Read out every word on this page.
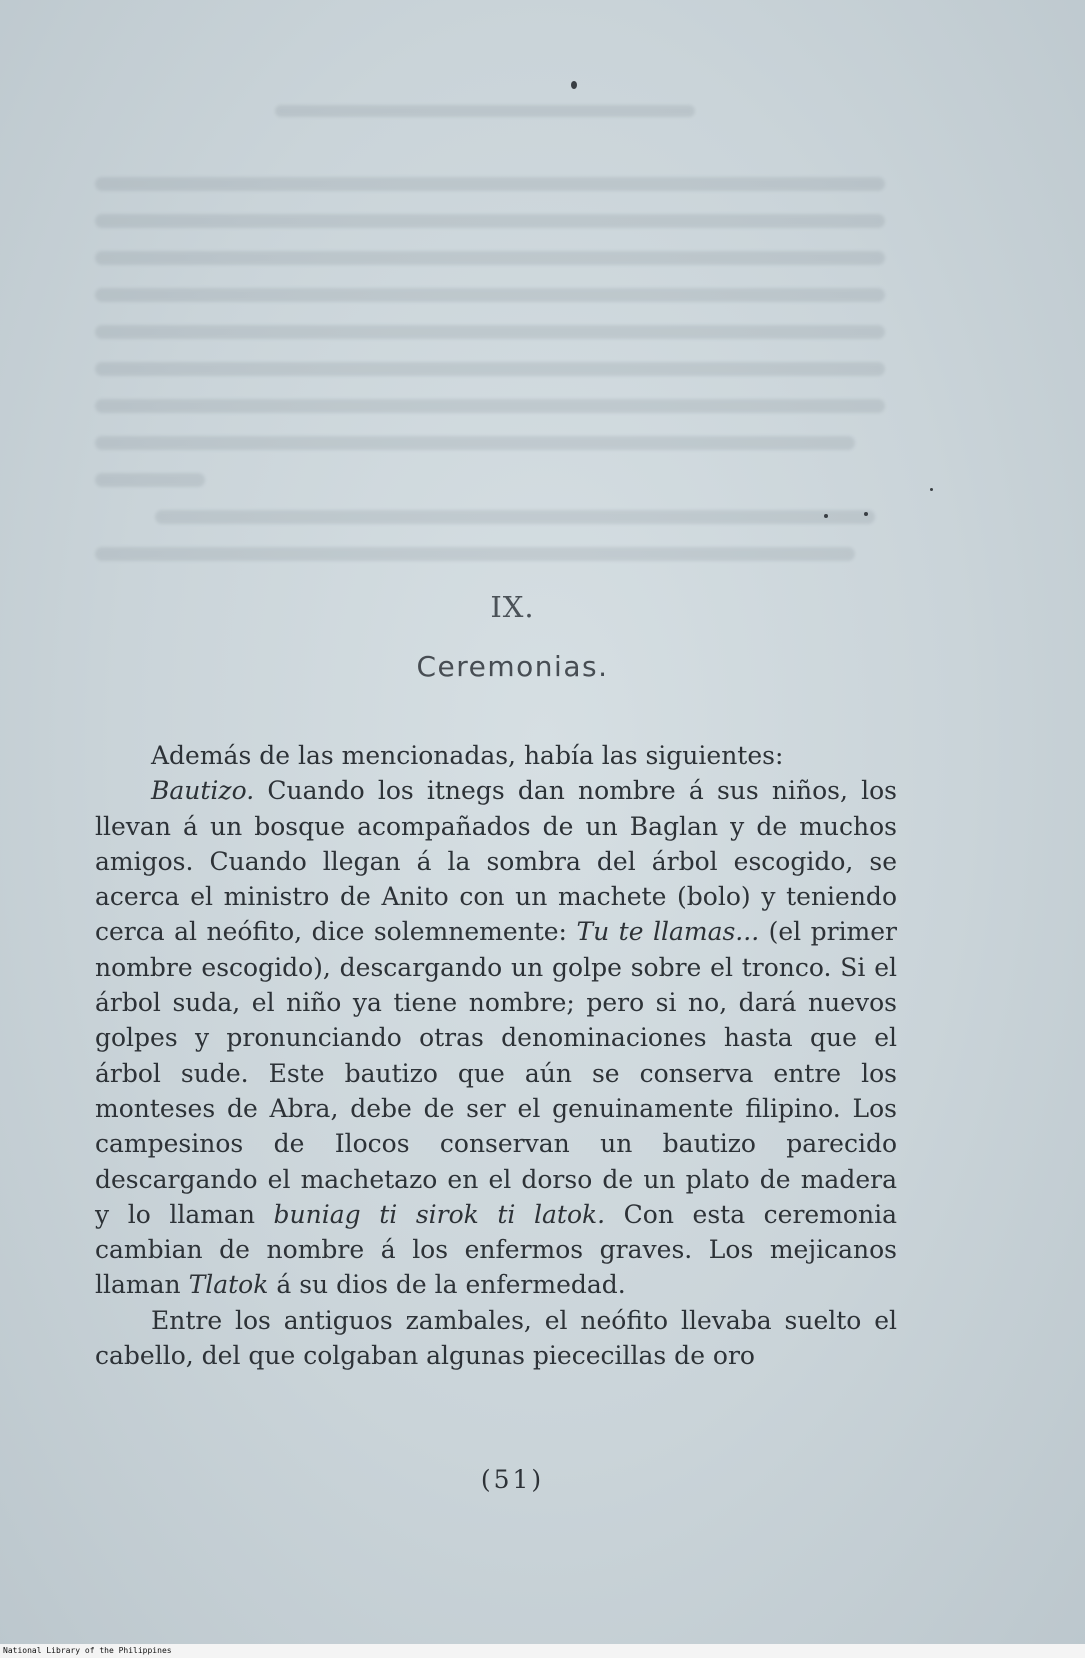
IX.
Ceremonias.

Además de las mencionadas, había las siguientes:

Bautizo. Cuando los itnegs dan nombre á sus niños, los llevan á un bosque acompañados de un Baglan y de muchos amigos. Cuando llegan á la sombra del árbol escogido, se acerca el ministro de Anito con un machete (bolo) y teniendo cerca al neófito, dice solemnemente: Tu te llamas... (el primer nombre escogido), descargando un golpe sobre el tronco. Si el árbol suda, el niño ya tiene nombre; pero si no, dará nuevos golpes y pronunciando otras denominaciones hasta que el árbol sude. Este bautizo que aún se conserva entre los monteses de Abra, debe de ser el genuinamente filipino. Los campesinos de Ilocos conservan un bautizo parecido descargando el machetazo en el dorso de un plato de madera y lo llaman buniag ti sirok ti latok. Con esta ceremonia cambian de nombre á los enfermos graves. Los mejicanos llaman Tlatok á su dios de la enfermedad.

Entre los antiguos zambales, el neófito llevaba suelto el cabello, del que colgaban algunas piececillas de oro

(51)
National Library of the Philippines
